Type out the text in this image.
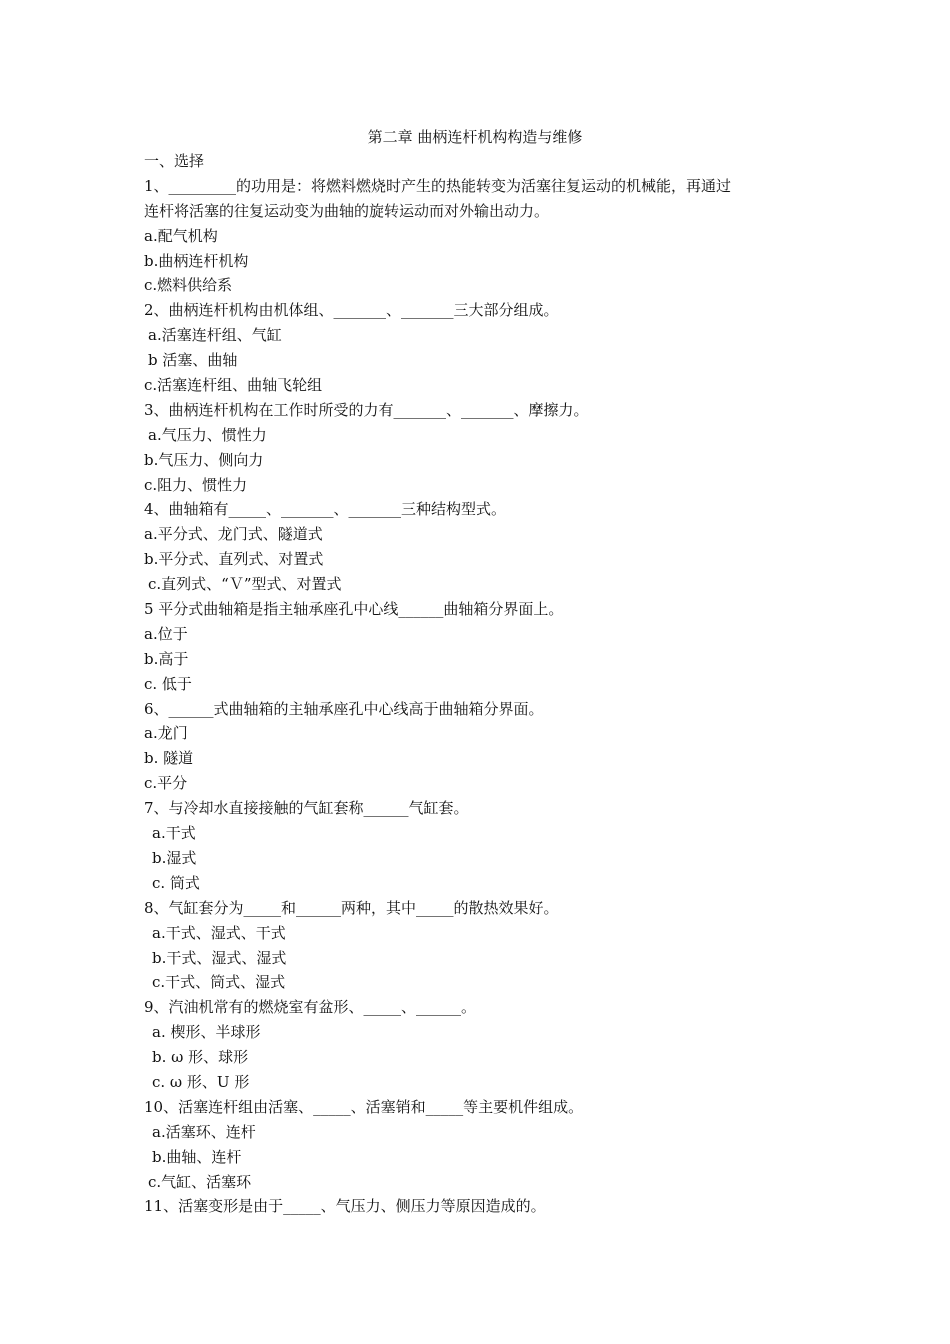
第二章 曲柄连杆机构构造与维修
一、选择
1、_________的功用是：将燃料燃烧时产生的热能转变为活塞往复运动的机械能，再通过
连杆将活塞的往复运动变为曲轴的旋转运动而对外输出动力。
a.配气机构
b.曲柄连杆机构
c.燃料供给系
2、曲柄连杆机构由机体组、_______、_______三大部分组成。
a.活塞连杆组、气缸
b 活塞、曲轴
c.活塞连杆组、曲轴飞轮组
3、曲柄连杆机构在工作时所受的力有_______、_______、摩擦力。
a.气压力、惯性力
b.气压力、侧向力
c.阻力、惯性力
4、曲轴箱有_____、_______、_______三种结构型式。
a.平分式、龙门式、隧道式
b.平分式、直列式、对置式
c.直列式、“Ｖ”型式、对置式
5 平分式曲轴箱是指主轴承座孔中心线______曲轴箱分界面上。
a.位于
b.高于
c. 低于
6、______式曲轴箱的主轴承座孔中心线高于曲轴箱分界面。
a.龙门
b. 隧道
c.平分
7、与冷却水直接接触的气缸套称______气缸套。
a.干式
b.湿式
c. 筒式
8、气缸套分为_____和______两种，其中_____的散热效果好。
a.干式、湿式、干式
b.干式、湿式、湿式
c.干式、筒式、湿式
9、汽油机常有的燃烧室有盆形、_____、______。
a. 楔形、半球形
b. ω 形、球形
c. ω 形、U 形
10、活塞连杆组由活塞、_____、活塞销和_____等主要机件组成。
a.活塞环、连杆
b.曲轴、连杆
c.气缸、活塞环
11、活塞变形是由于_____、气压力、侧压力等原因造成的。
